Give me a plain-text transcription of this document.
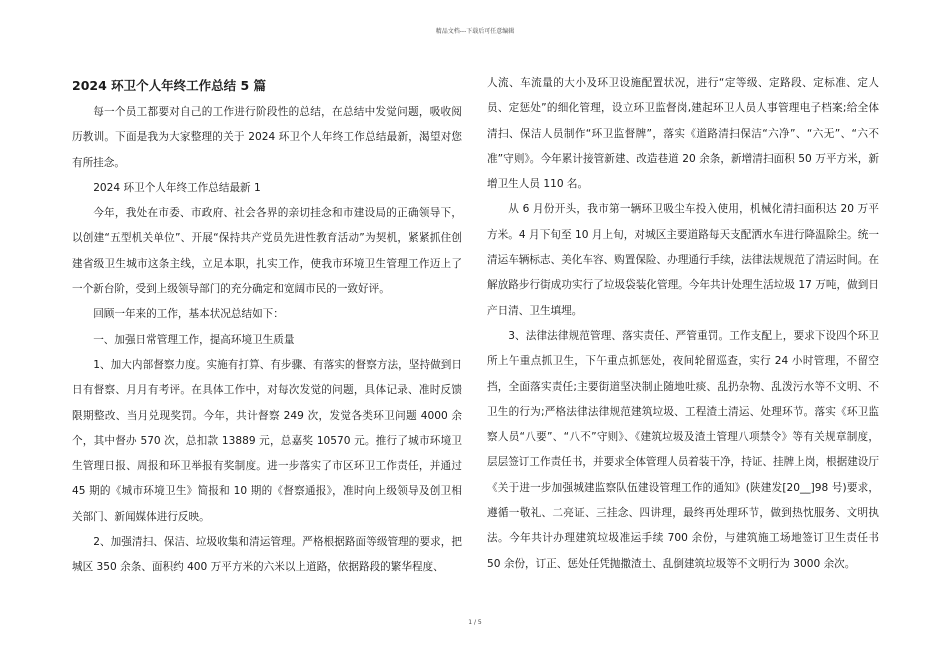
精品文档---下载后可任意编辑
2024 环卫个人年终工作总结 5 篇

每一个员工都要对自己的工作进行阶段性的总结，在总结中发觉问题，吸收阅历教训。下面是我为大家整理的关于 2024 环卫个人年终工作总结最新，渴望对您有所挂念。

2024 环卫个人年终工作总结最新 1

今年，我处在市委、市政府、社会各界的亲切挂念和市建设局的正确领导下，以创建“五型机关单位”、开展“保持共产党员先进性教育活动”为契机，紧紧抓住创建省级卫生城市这条主线，立足本职，扎实工作，使我市环境卫生管理工作迈上了一个新台阶，受到上级领导部门的充分确定和宽阔市民的一致好评。

回顾一年来的工作，基本状况总结如下：

一、加强日常管理工作，提高环境卫生质量

1、加大内部督察力度。实施有打算、有步骤、有落实的督察方法，坚持做到日日有督察、月月有考评。在具体工作中，对每次发觉的问题，具体记录、准时反馈限期整改、当月兑现奖罚。今年，共计督察 249 次，发觉各类环卫问题 4000 余个，其中督办 570 次，总扣款 13889 元，总嘉奖 10570 元。推行了城市环境卫生管理日报、周报和环卫举报有奖制度。进一步落实了市区环卫工作责任，并通过 45 期的《城市环境卫生》简报和 10 期的《督察通报》，准时向上级领导及创卫相关部门、新闻媒体进行反映。

2、加强清扫、保洁、垃圾收集和清运管理。严格根据路面等级管理的要求，把城区 350 余条、面积约 400 万平方米的六米以上道路，依据路段的繁华程度、

人流、车流量的大小及环卫设施配置状况，进行“定等级、定路段、定标准、定人员、定惩处”的细化管理，设立环卫监督岗,建起环卫人员人事管理电子档案;给全体清扫、保洁人员制作“环卫监督牌”，落实《道路清扫保洁“六净”、“六无”、“六不准”守则》。今年累计接管新建、改造巷道 20 余条，新增清扫面积 50 万平方米，新增卫生人员 110 名。

从 6 月份开头，我市第一辆环卫吸尘车投入使用，机械化清扫面积达 20 万平方米。4 月下旬至 10 月上旬，对城区主要道路每天支配洒水车进行降温除尘。统一清运车辆标志、美化车容、购置保险、办理通行手续，法律法规规范了清运时间。在解放路步行街成功实行了垃圾袋装化管理。今年共计处理生活垃圾 17 万吨，做到日产日清、卫生填埋。

3、法律法律规范管理、落实责任、严管重罚。工作支配上，要求下设四个环卫所上午重点抓卫生，下午重点抓惩处，夜间轮留巡查，实行 24 小时管理，不留空挡，全面落实责任;主要街道坚决制止随地吐痰、乱扔杂物、乱泼污水等不文明、不卫生的行为;严格法律法律规范建筑垃圾、工程渣土清运、处理环节。落实《环卫监察人员“八要”、“八不”守则》、《建筑垃圾及渣土管理八项禁令》等有关规章制度，层层签订工作责任书，并要求全体管理人员着装干净，持证、挂牌上岗，根据建设厅《关于进一步加强城建监察队伍建设管理工作的通知》(陕建发[20__]98 号)要求，遵循一敬礼、二亮证、三挂念、四讲理，最终再处理环节，做到热忱服务、文明执法。今年共计办理建筑垃圾准运手续 700 余份，与建筑施工场地签订卫生责任书 50 余份，订正、惩处任凭抛撒渣土、乱倒建筑垃圾等不文明行为 3000 余次。

1 / 5
